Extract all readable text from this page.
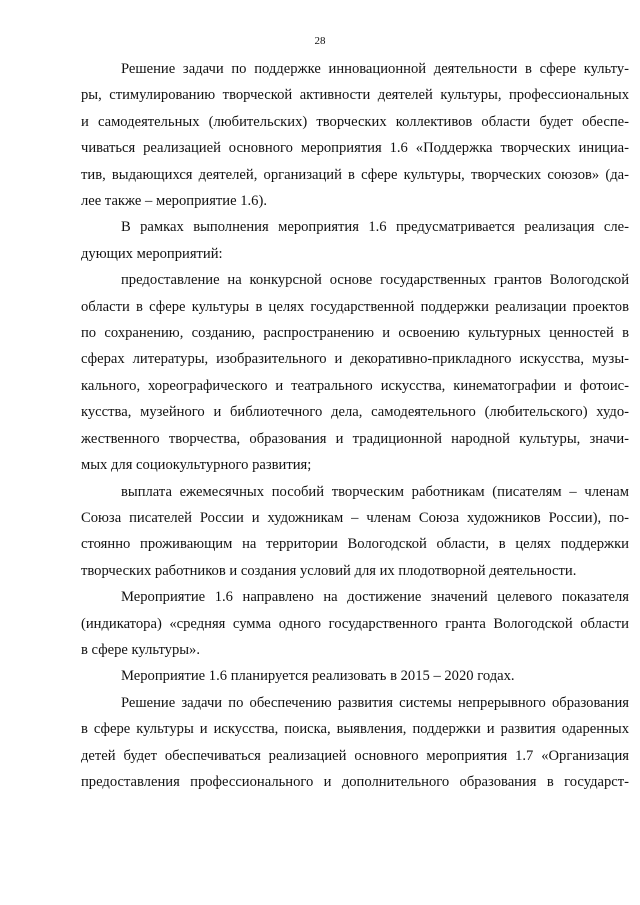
28

Решение задачи по поддержке инновационной деятельности в сфере культу-
ры, стимулированию творческой активности деятелей культуры, профессиональных
и самодеятельных (любительских) творческих коллективов области будет обеспе-
чиваться реализацией основного мероприятия 1.6 «Поддержка творческих инициа-
тив, выдающихся деятелей, организаций в сфере культуры, творческих союзов» (да-
лее также – мероприятие 1.6).

В рамках выполнения мероприятия 1.6 предусматривается реализация сле-
дующих мероприятий:

предоставление на конкурсной основе государственных грантов Вологодской
области в сфере культуры в целях государственной поддержки реализации проектов
по сохранению, созданию, распространению и освоению культурных ценностей в
сферах литературы, изобразительного и декоративно-прикладного искусства, музы-
кального, хореографического и театрального искусства, кинематографии и фотоис-
кусства, музейного и библиотечного дела, самодеятельного (любительского) худо-
жественного творчества, образования и традиционной народной культуры, значи-
мых для социокультурного развития;

выплата ежемесячных пособий творческим работникам (писателям – членам
Союза писателей России и художникам – членам Союза художников России), по-
стоянно проживающим на территории Вологодской области, в целях поддержки
творческих работников и создания условий для их плодотворной деятельности.

Мероприятие 1.6 направлено на достижение значений целевого показателя
(индикатора) «средняя сумма одного государственного гранта Вологодской области
в сфере культуры».

Мероприятие 1.6 планируется реализовать в 2015 – 2020 годах.

Решение задачи по обеспечению развития системы непрерывного образования
в сфере культуры и искусства, поиска, выявления, поддержки и развития одаренных
детей будет обеспечиваться реализацией основного мероприятия 1.7 «Организация
предоставления профессионального и дополнительного образования в государст-
